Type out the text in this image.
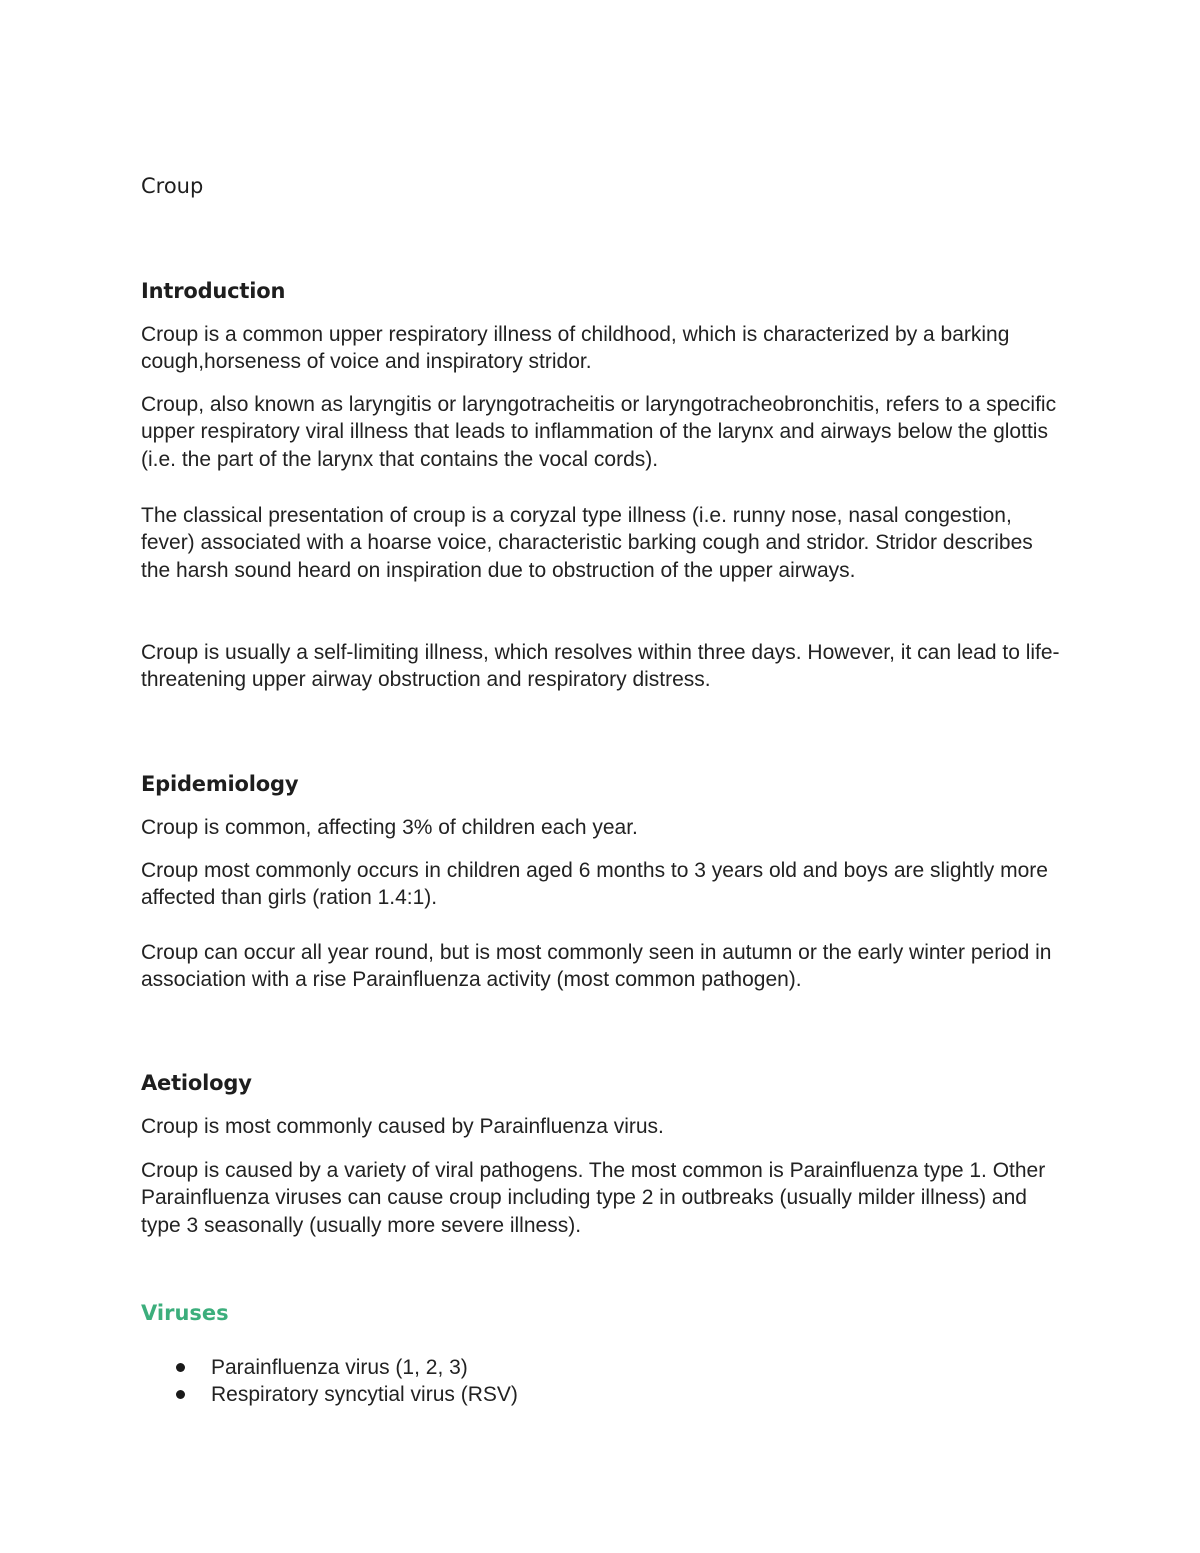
Croup
Introduction

Croup is a common upper respiratory illness of childhood, which is characterized by a barking cough,horseness of voice and inspiratory stridor.

Croup, also known as laryngitis or laryngotracheitis or laryngotracheobronchitis, refers to a specific upper respiratory viral illness that leads to inflammation of the larynx and airways below the glottis (i.e. the part of the larynx that contains the vocal cords).

The classical presentation of croup is a coryzal type illness (i.e. runny nose, nasal congestion, fever) associated with a hoarse voice, characteristic barking cough and stridor. Stridor describes the harsh sound heard on inspiration due to obstruction of the upper airways.

Croup is usually a self-limiting illness, which resolves within three days. However, it can lead to life-threatening upper airway obstruction and respiratory distress.

Epidemiology

Croup is common, affecting 3% of children each year.

Croup most commonly occurs in children aged 6 months to 3 years old and boys are slightly more affected than girls (ration 1.4:1).

Croup can occur all year round, but is most commonly seen in autumn or the early winter period in association with a rise Parainfluenza activity (most common pathogen).

Aetiology

Croup is most commonly caused by Parainfluenza virus.

Croup is caused by a variety of viral pathogens. The most common is Parainfluenza type 1. Other Parainfluenza viruses can cause croup including type 2 in outbreaks (usually milder illness) and type 3 seasonally (usually more severe illness).

Viruses
Parainfluenza virus (1, 2, 3)
Respiratory syncytial virus (RSV)
